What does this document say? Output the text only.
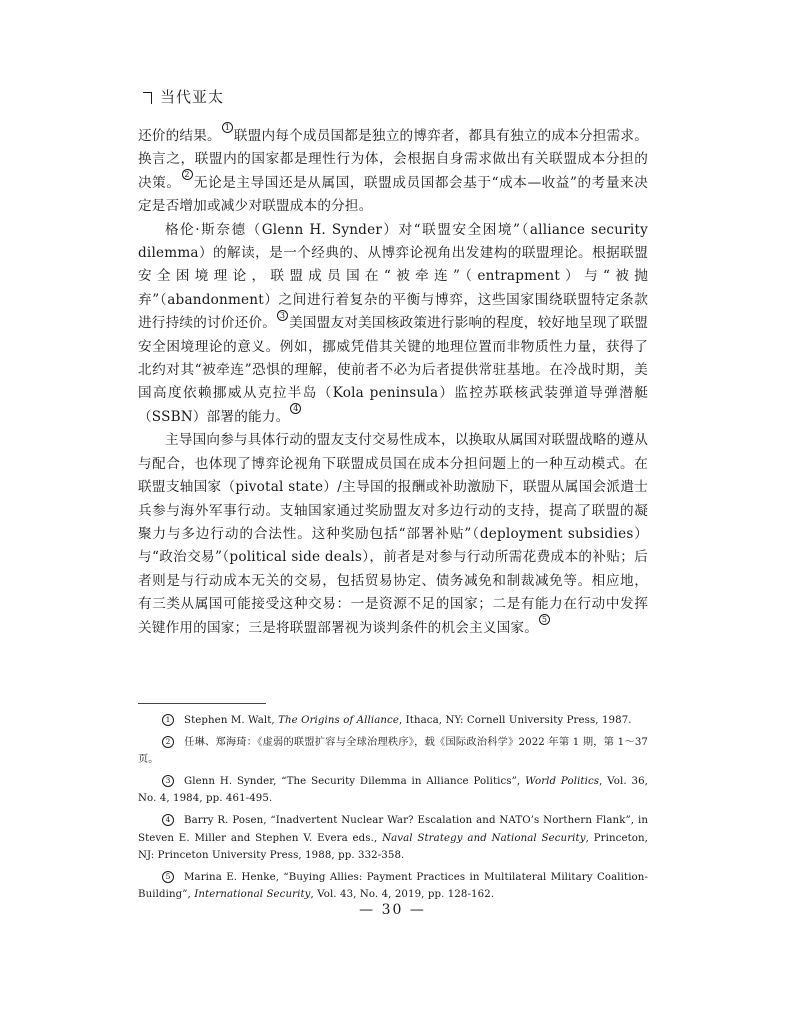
当代亚太

还价的结果。1联盟内每个成员国都是独立的博弈者，都具有独立的成本分担需求。换言之，联盟内的国家都是理性行为体，会根据自身需求做出有关联盟成本分担的决策。2无论是主导国还是从属国，联盟成员国都会基于“成本—收益”的考量来决定是否增加或减少对联盟成本的分担。

格伦·斯奈德（Glenn H. Synder）对“联盟安全困境”（alliance security dilemma）的解读，是一个经典的、从博弈论视角出发建构的联盟理论。根据联盟安全困境理论，联盟成员国在“被牵连”（entrapment）与“被抛弃”（abandonment）之间进行着复杂的平衡与博弈，这些国家围绕联盟特定条款进行持续的讨价还价。3美国盟友对美国核政策进行影响的程度，较好地呈现了联盟安全困境理论的意义。例如，挪威凭借其关键的地理位置而非物质性力量，获得了北约对其“被牵连”恐惧的理解，使前者不必为后者提供常驻基地。在冷战时期，美国高度依赖挪威从克拉半岛（Kola peninsula）监控苏联核武装弹道导弹潜艇（SSBN）部署的能力。4

主导国向参与具体行动的盟友支付交易性成本，以换取从属国对联盟战略的遵从与配合，也体现了博弈论视角下联盟成员国在成本分担问题上的一种互动模式。在联盟支轴国家（pivotal state）/主导国的报酬或补助激励下，联盟从属国会派遣士兵参与海外军事行动。支轴国家通过奖励盟友对多边行动的支持，提高了联盟的凝聚力与多边行动的合法性。这种奖励包括“部署补贴”（deployment subsidies）与“政治交易”（political side deals），前者是对参与行动所需花费成本的补贴；后者则是与行动成本无关的交易，包括贸易协定、债务减免和制裁减免等。相应地，有三类从属国可能接受这种交易：一是资源不足的国家；二是有能力在行动中发挥关键作用的国家；三是将联盟部署视为谈判条件的机会主义国家。5

1 Stephen M. Walt, The Origins of Alliance, Ithaca, NY: Cornell University Press, 1987.

2 任琳、郑海琦：《虚弱的联盟扩容与全球治理秩序》，载《国际政治科学》2022 年第 1 期，第 1～37 页。

3 Glenn H. Synder, “The Security Dilemma in Alliance Politics”, World Politics, Vol. 36, No. 4, 1984, pp. 461-495.

4 Barry R. Posen, “Inadvertent Nuclear War? Escalation and NATO’s Northern Flank”, in Steven E. Miller and Stephen V. Evera eds., Naval Strategy and National Security, Princeton, NJ: Princeton University Press, 1988, pp. 332-358.

5 Marina E. Henke, “Buying Allies: Payment Practices in Multilateral Military Coalition-Building”, International Security, Vol. 43, No. 4, 2019, pp. 128-162.

— 30 —
